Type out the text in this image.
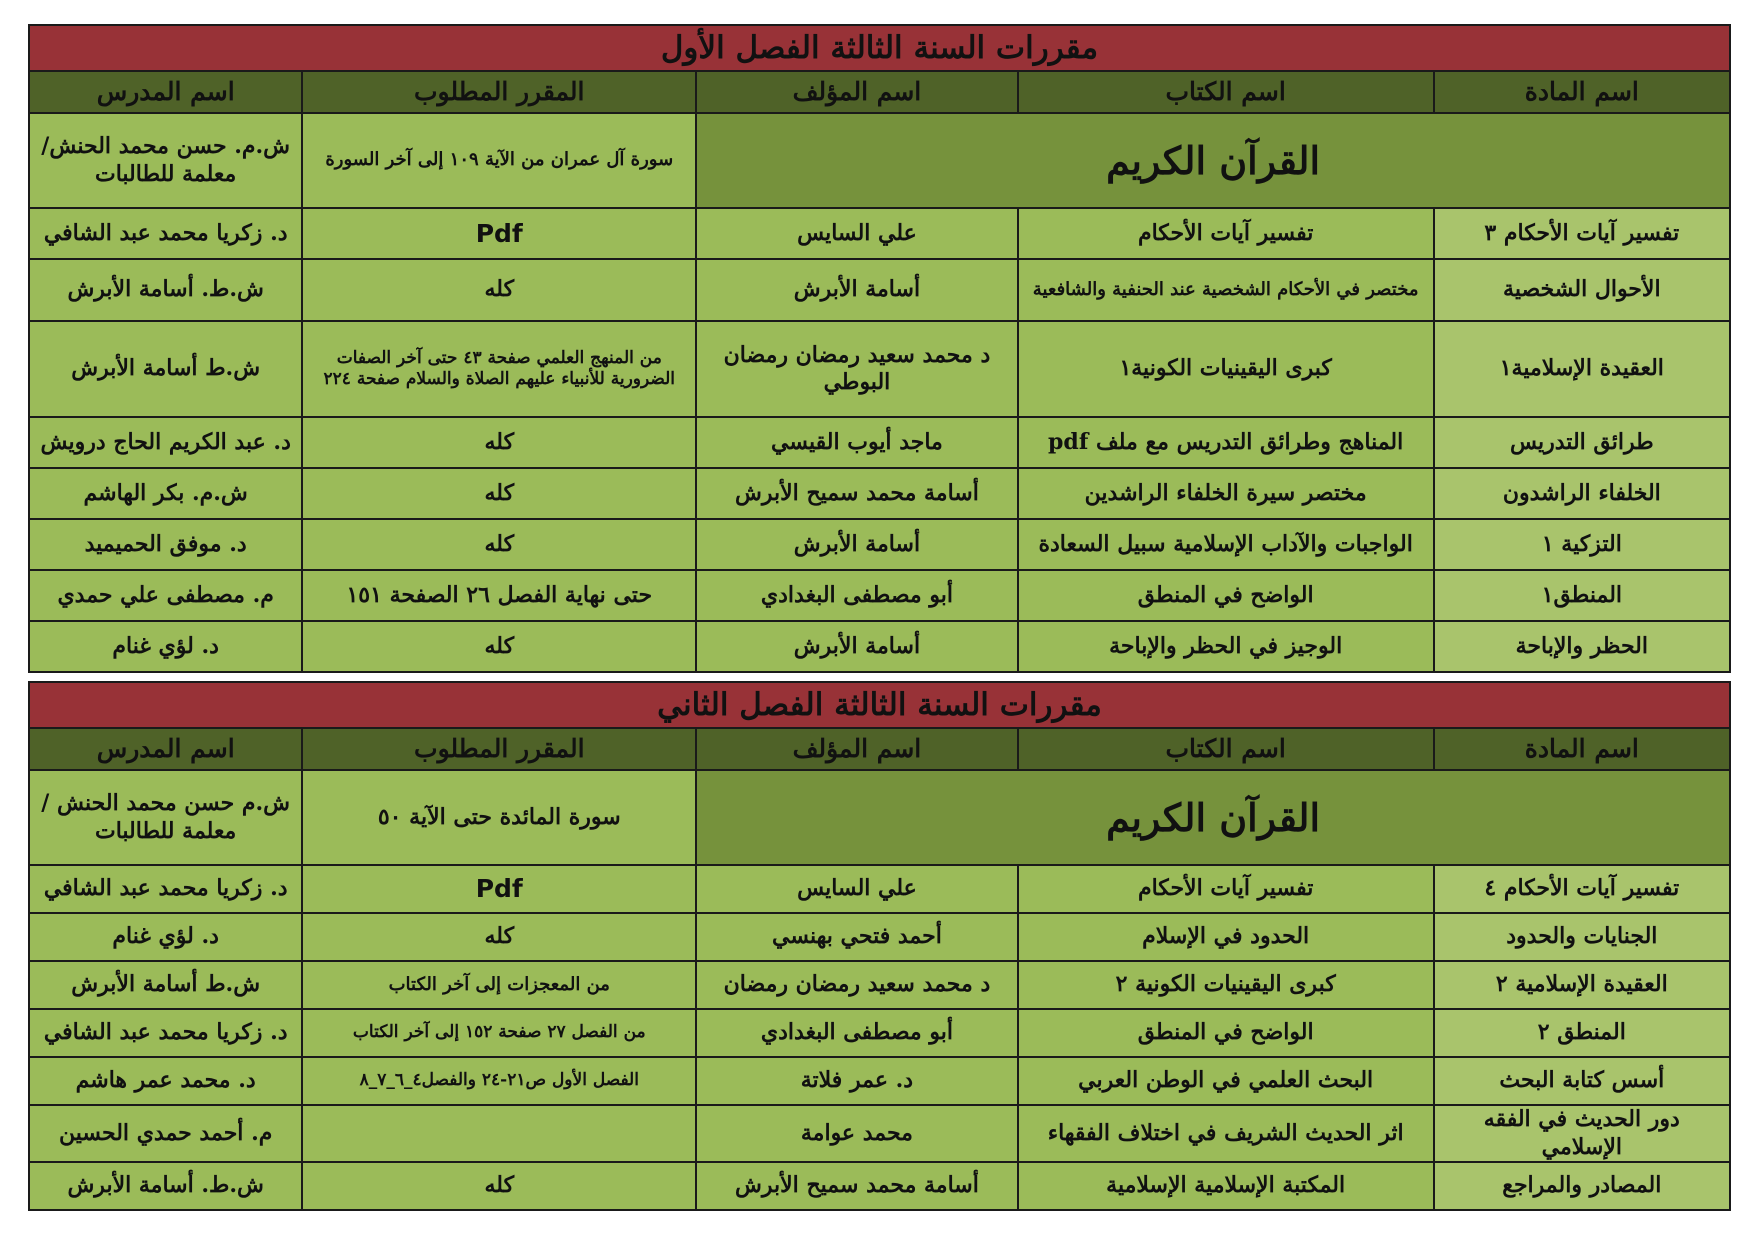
مقررات السنة الثالثة الفصل الأول				
اسم المادة	اسم الكتاب	اسم المؤلف	المقرر المطلوب	اسم المدرس
القرآن الكريم			سورة آل عمران من الآية ١٠٩ إلى آخر السورة	ش.م. حسن محمد الحنش/ معلمة للطالبات
تفسير آيات الأحكام ٣	تفسير آيات الأحكام	علي السايس	Pdf	د. زكريا محمد عبد الشافي
الأحوال الشخصية	مختصر في الأحكام الشخصية عند الحنفية والشافعية	أسامة الأبرش	كله	ش.ط. أسامة الأبرش
العقيدة الإسلامية١	كبرى اليقينيات الكونية١	د محمد سعيد رمضان رمضان البوطي	من المنهج العلمي صفحة ٤٣ حتى آخر الصفات الضرورية للأنبياء عليهم الصلاة والسلام صفحة ٢٢٤	ش.ط أسامة الأبرش
طرائق التدريس	المناهج وطرائق التدريس مع ملف pdf	ماجد أيوب القيسي	كله	د. عبد الكريم الحاج درويش
الخلفاء الراشدون	مختصر سيرة الخلفاء الراشدين	أسامة محمد سميح الأبرش	كله	ش.م. بكر الهاشم
التزكية ١	الواجبات والآداب الإسلامية سبيل السعادة	أسامة الأبرش	كله	د. موفق الحميميد
المنطق١	الواضح في المنطق	أبو مصطفى البغدادي	حتى نهاية الفصل ٢٦ الصفحة ١٥١	م. مصطفى علي حمدي
الحظر والإباحة	الوجيز في الحظر والإباحة	أسامة الأبرش	كله	د. لؤي غنام
مقررات السنة الثالثة الفصل الثاني				
اسم المادة	اسم الكتاب	اسم المؤلف	المقرر المطلوب	اسم المدرس
القرآن الكريم			سورة المائدة حتى الآية ٥٠	ش.م حسن محمد الحنش / معلمة للطالبات
تفسير آيات الأحكام ٤	تفسير آيات الأحكام	علي السايس	Pdf	د. زكريا محمد عبد الشافي
الجنايات والحدود	الحدود في الإسلام	أحمد فتحي بهنسي	كله	د. لؤي غنام
العقيدة الإسلامية ٢	كبرى اليقينيات الكونية ٢	د محمد سعيد رمضان رمضان	من المعجزات إلى آخر الكتاب	ش.ط أسامة الأبرش
المنطق ٢	الواضح في المنطق	أبو مصطفى البغدادي	من الفصل ٢٧ صفحة ١٥٢ إلى آخر الكتاب	د. زكريا محمد عبد الشافي
أسس كتابة البحث	البحث العلمي في الوطن العربي	د. عمر فلاتة	الفصل الأول ص٢١-٢٤ والفصل٤_٦_٧_٨	د. محمد عمر هاشم
دور الحديث في الفقه الإسلامي	اثر الحديث الشريف في اختلاف الفقهاء	محمد عوامة		م. أحمد حمدي الحسين
المصادر والمراجع	المكتبة الإسلامية الإسلامية	أسامة محمد سميح الأبرش	كله	ش.ط. أسامة الأبرش
